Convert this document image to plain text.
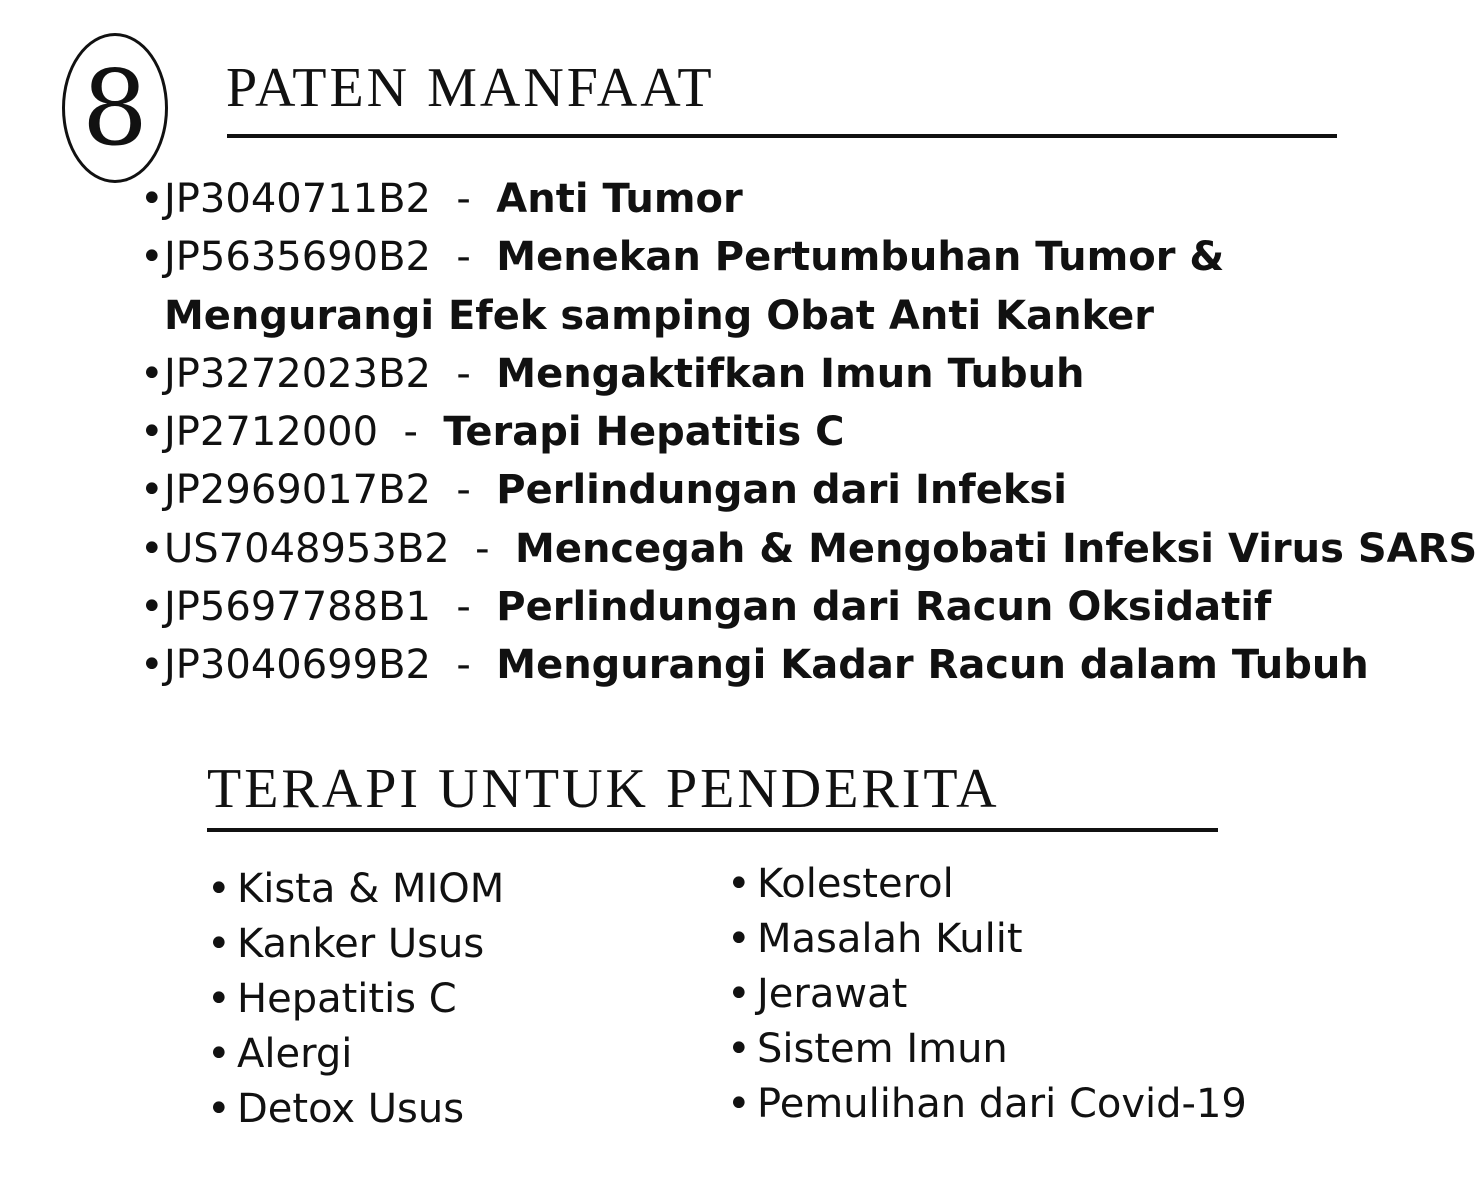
8 PATEN MANFAAT
• JP3040711B2  -  Anti Tumor
• JP5635690B2  -  Menekan Pertumbuhan Tumor &
Mengurangi Efek samping Obat Anti Kanker
• JP3272023B2  -  Mengaktifkan Imun Tubuh
• JP2712000  -  Terapi Hepatitis C
• JP2969017B2  -  Perlindungan dari Infeksi
• US7048953B2  -  Mencegah & Mengobati Infeksi Virus SARS
• JP5697788B1  -  Perlindungan dari Racun Oksidatif
• JP3040699B2  -  Mengurangi Kadar Racun dalam Tubuh
TERAPI UNTUK PENDERITA
• Kista & MIOM
• Kanker Usus
• Hepatitis C
• Alergi
• Detox Usus
• Kolesterol
• Masalah Kulit
• Jerawat
• Sistem Imun
• Pemulihan dari Covid-19
